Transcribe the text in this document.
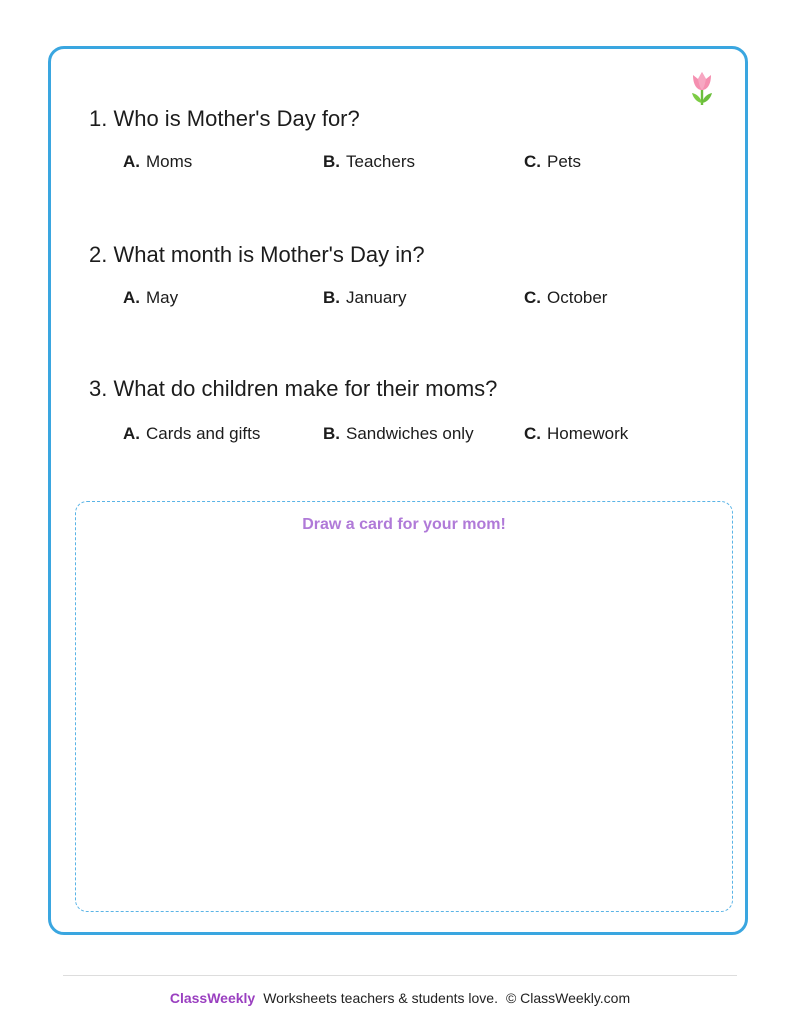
1. Who is Mother's Day for?

A. Moms	B. Teachers	C. Pets

2. What month is Mother's Day in?

A. May	B. January	C. October

3. What do children make for their moms?

A. Cards and gifts	B. Sandwiches only	C. Homework
Draw a card for your mom!
ClassWeekly Worksheets teachers & students love. © ClassWeekly.com
